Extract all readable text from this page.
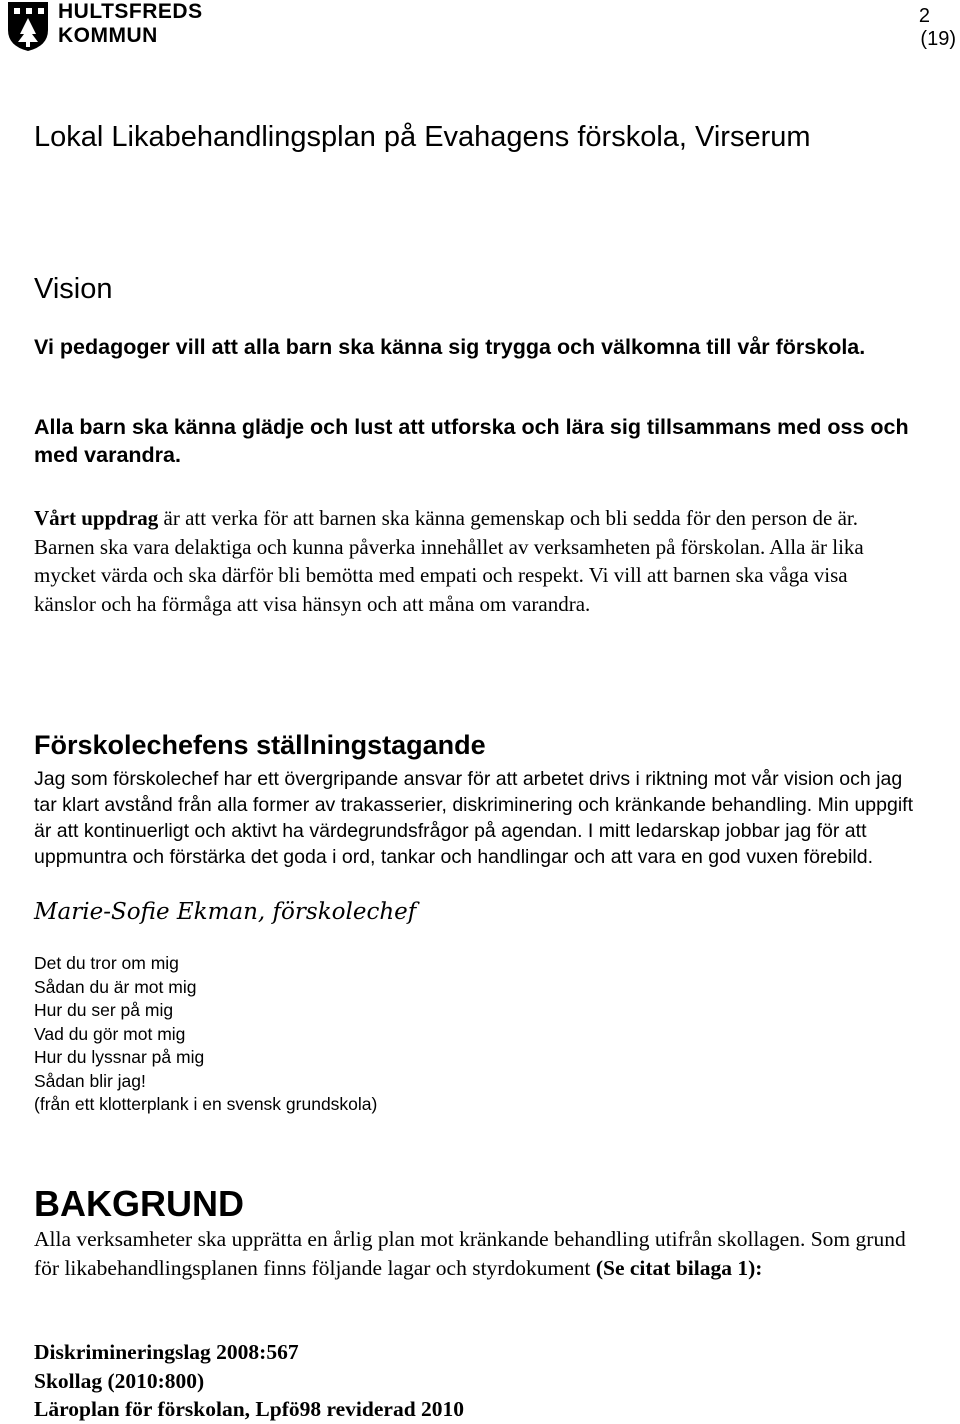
HULTSFREDS
KOMMUN
2
(19)
Lokal Likabehandlingsplan på Evahagens förskola, Virserum
Vision

Vi pedagoger vill att alla barn ska känna sig trygga och välkomna till vår förskola.

Alla barn ska känna glädje och lust att utforska och lära sig tillsammans med oss och med varandra.

Vårt uppdrag är att verka för att barnen ska känna gemenskap och bli sedda för den person de är. Barnen ska vara delaktiga och kunna påverka innehållet av verksamheten på förskolan. Alla är lika mycket värda och ska därför bli bemötta med empati och respekt. Vi vill att barnen ska våga visa känslor och ha förmåga att visa hänsyn och att måna om varandra.

Förskolechefens ställningstagande

Jag som förskolechef har ett övergripande ansvar för att arbetet drivs i riktning mot vår vision och jag tar klart avstånd från alla former av trakasserier, diskriminering och kränkande behandling. Min uppgift är att kontinuerligt och aktivt ha värdegrundsfrågor på agendan. I mitt ledarskap jobbar jag för att uppmuntra och förstärka det goda i ord, tankar och handlingar och att vara en god vuxen förebild.

Marie-Sofie Ekman, förskolechef
Det du tror om mig
Sådan du är mot mig
Hur du ser på mig
Vad du gör mot mig
Hur du lyssnar på mig
Sådan blir jag!
(från ett klotterplank i en svensk grundskola)
BAKGRUND

Alla verksamheter ska upprätta en årlig plan mot kränkande behandling utifrån skollagen. Som grund för likabehandlingsplanen finns följande lagar och styrdokument (Se citat bilaga 1):

Diskrimineringslag 2008:567
Skollag (2010:800)
Läroplan för förskolan, Lpfö98 reviderad 2010
